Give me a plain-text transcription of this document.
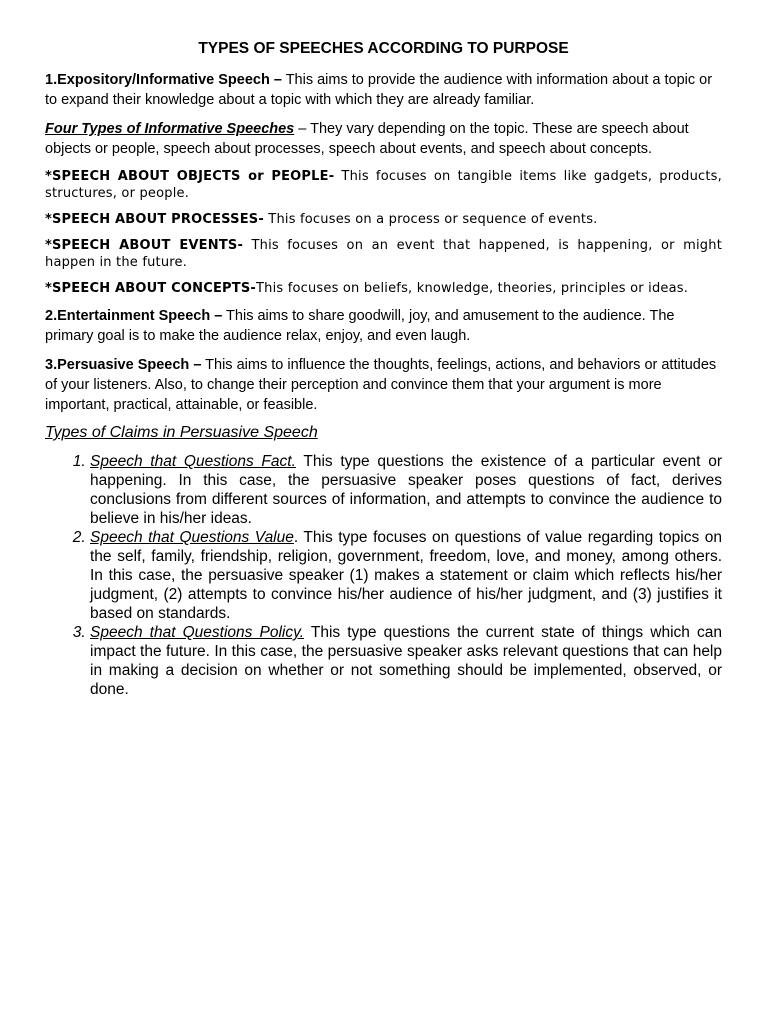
TYPES OF SPEECHES ACCORDING TO PURPOSE

1.Expository/Informative Speech – This aims to provide the audience with information about a topic or to expand their knowledge about a topic with which they are already familiar.

Four Types of Informative Speeches – They vary depending on the topic. These are speech about objects or people, speech about processes, speech about events, and speech about concepts.

*SPEECH ABOUT OBJECTS or PEOPLE- This focuses on tangible items like gadgets, products, structures, or people.

*SPEECH ABOUT PROCESSES- This focuses on a process or sequence of events.

*SPEECH ABOUT EVENTS- This focuses on an event that happened, is happening, or might happen in the future.

*SPEECH ABOUT CONCEPTS-This focuses on beliefs, knowledge, theories, principles or ideas.

2.Entertainment Speech – This aims to share goodwill, joy, and amusement to the audience. The primary goal is to make the audience relax, enjoy, and even laugh.

3.Persuasive Speech – This aims to influence the thoughts, feelings, actions, and behaviors or attitudes of your listeners. Also, to change their perception and convince them that your argument is more important, practical, attainable, or feasible.

Types of Claims in Persuasive Speech

1. Speech that Questions Fact. This type questions the existence of a particular event or happening. In this case, the persuasive speaker poses questions of fact, derives conclusions from different sources of information, and attempts to convince the audience to believe in his/her ideas.
2. Speech that Questions Value. This type focuses on questions of value regarding topics on the self, family, friendship, religion, government, freedom, love, and money, among others. In this case, the persuasive speaker (1) makes a statement or claim which reflects his/her judgment, (2) attempts to convince his/her audience of his/her judgment, and (3) justifies it based on standards.
3. Speech that Questions Policy. This type questions the current state of things which can impact the future. In this case, the persuasive speaker asks relevant questions that can help in making a decision on whether or not something should be implemented, observed, or done.
